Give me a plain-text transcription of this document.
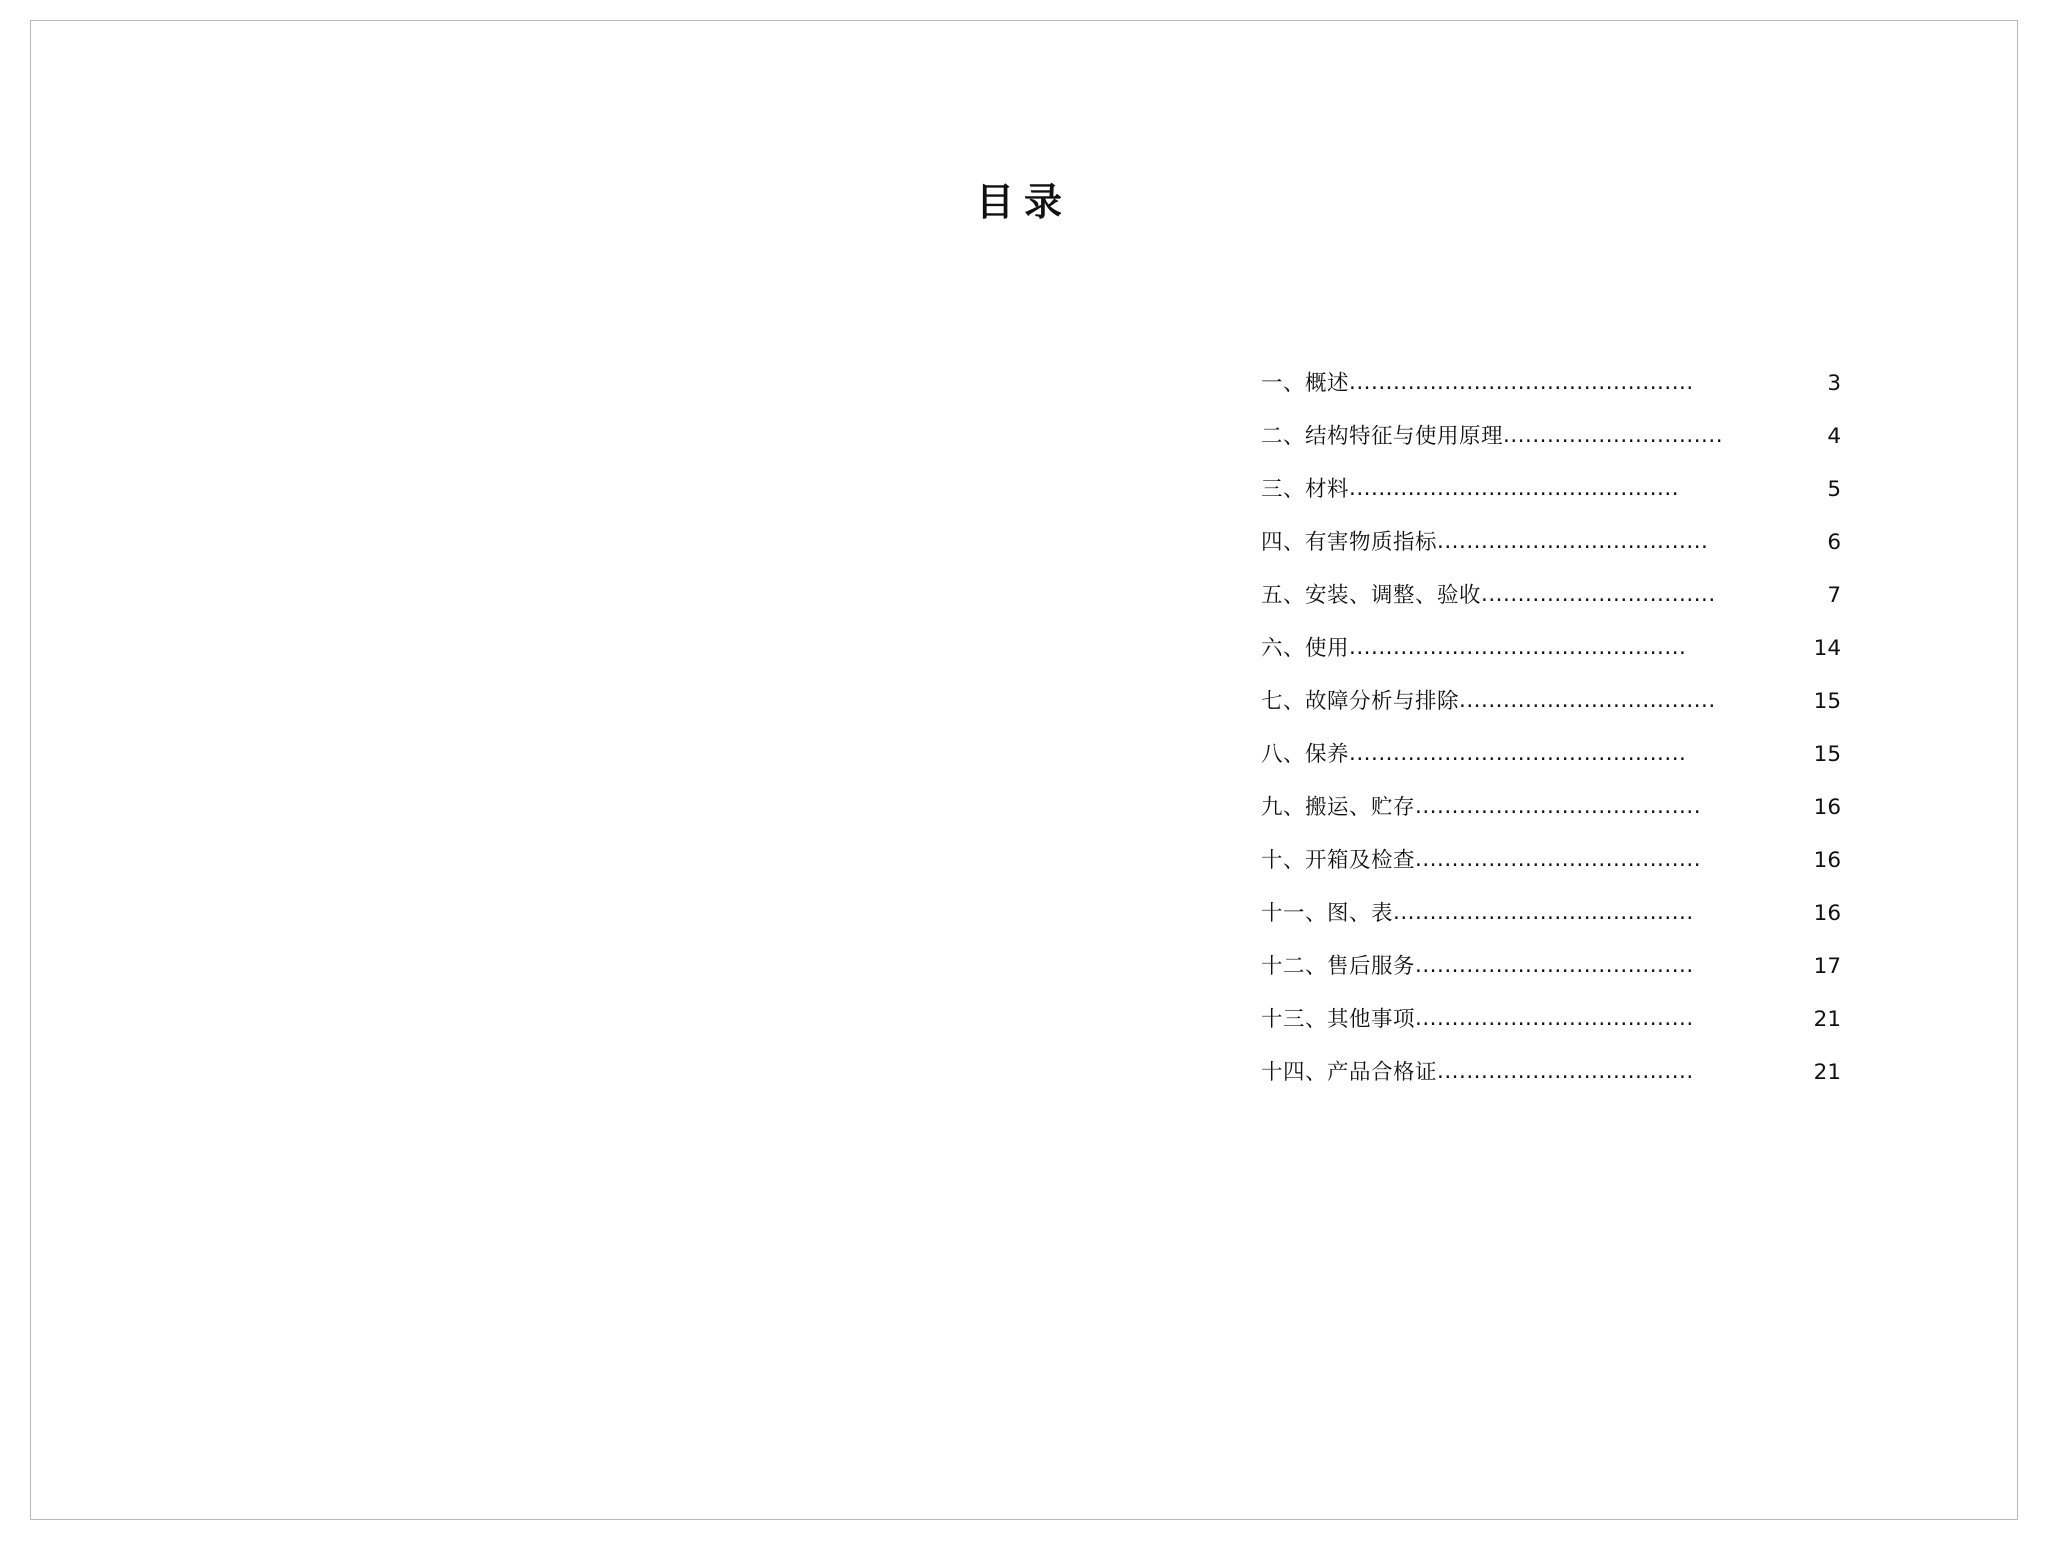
目录
一、概述 ...............................................	3
二、结构特征与使用原理 ..............................	4
三、材料 .............................................	5
四、有害物质指标 .....................................	6
五、安装、调整、验收 ................................	7
六、使用 ..............................................	14
七、故障分析与排除 ...................................	15
八、保养 ..............................................	15
九、搬运、贮存 .......................................	16
十、开箱及检查 .......................................	16
十一、图、表 .........................................	16
十二、售后服务 ......................................	17
十三、其他事项 ......................................	21
十四、产品合格证 ...................................	21
